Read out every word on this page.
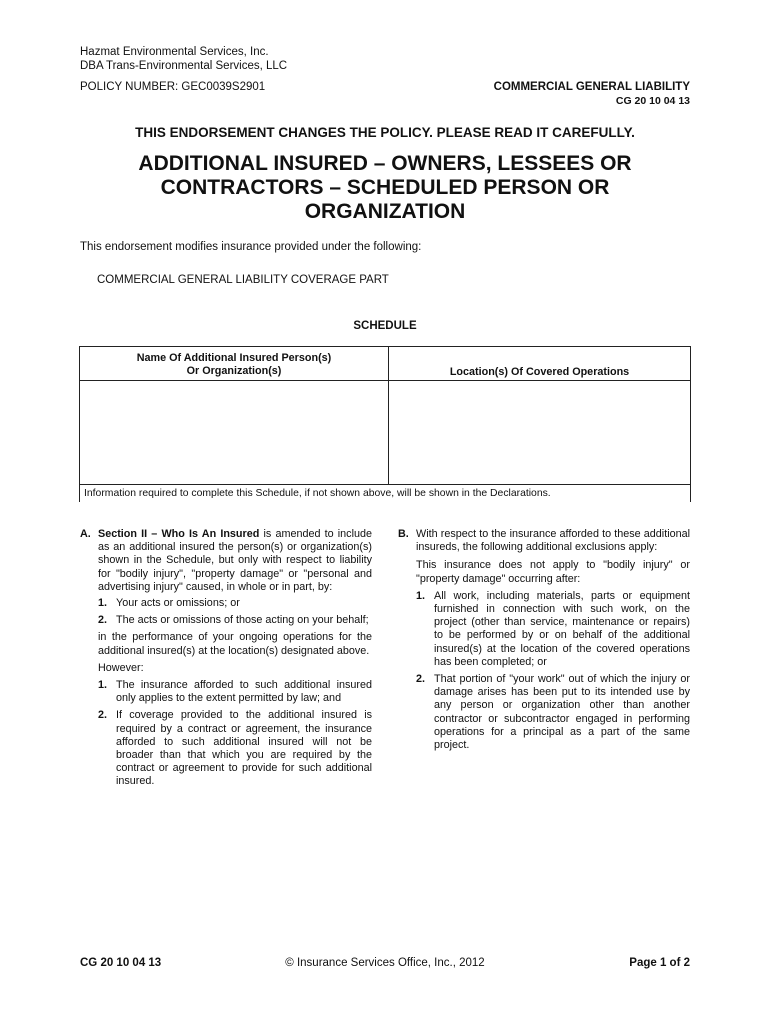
Hazmat Environmental Services, Inc.
DBA Trans-Environmental Services, LLC
POLICY NUMBER: GEC0039S2901	COMMERCIAL GENERAL LIABILITY
CG 20 10 04 13
THIS ENDORSEMENT CHANGES THE POLICY. PLEASE READ IT CAREFULLY.
ADDITIONAL INSURED – OWNERS, LESSEES OR
CONTRACTORS – SCHEDULED PERSON OR
ORGANIZATION
This endorsement modifies insurance provided under the following:
COMMERCIAL GENERAL LIABILITY COVERAGE PART
SCHEDULE
Name Of Additional Insured Person(s)
Or Organization(s)	Location(s) Of Covered Operations

Information required to complete this Schedule, if not shown above, will be shown in the Declarations.	
A. Section II – Who Is An Insured is amended to include as an additional insured the person(s) or organization(s) shown in the Schedule, but only with respect to liability for "bodily injury", "property damage" or "personal and advertising injury" caused, in whole or in part, by:
1. Your acts or omissions; or
2. The acts or omissions of those acting on your behalf;
in the performance of your ongoing operations for the additional insured(s) at the location(s) designated above.
However:
1. The insurance afforded to such additional insured only applies to the extent permitted by law; and
2. If coverage provided to the additional insured is required by a contract or agreement, the insurance afforded to such additional insured will not be broader than that which you are required by the contract or agreement to provide for such additional insured.
B. With respect to the insurance afforded to these additional insureds, the following additional exclusions apply:
This insurance does not apply to "bodily injury" or "property damage" occurring after:
1. All work, including materials, parts or equipment furnished in connection with such work, on the project (other than service, maintenance or repairs) to be performed by or on behalf of the additional insured(s) at the location of the covered operations has been completed; or
2. That portion of "your work" out of which the injury or damage arises has been put to its intended use by any person or organization other than another contractor or subcontractor engaged in performing operations for a principal as a part of the same project.
CG 20 10 04 13	© Insurance Services Office, Inc., 2012	Page 1 of 2
